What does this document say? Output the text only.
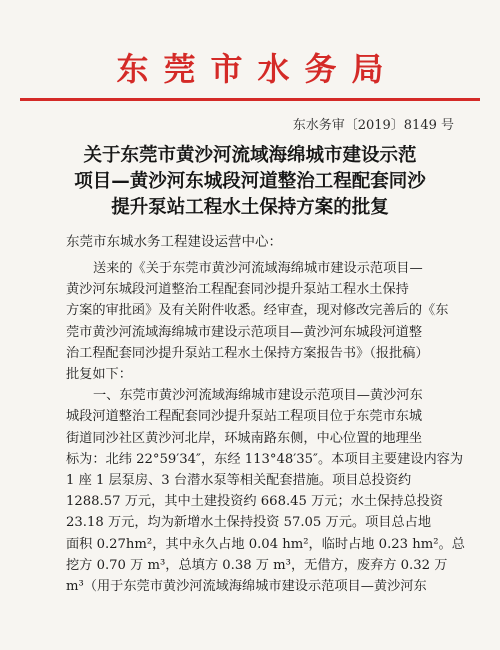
东莞市水务局
东水务审〔2019〕8149 号
关于东莞市黄沙河流域海绵城市建设示范
项目—黄沙河东城段河道整治工程配套同沙
提升泵站工程水土保持方案的批复
东莞市东城水务工程建设运营中心：
送来的《关于东莞市黄沙河流域海绵城市建设示范项目—
黄沙河东城段河道整治工程配套同沙提升泵站工程水土保持
方案的审批函》及有关附件收悉。经审查，现对修改完善后的《东
莞市黄沙河流域海绵城市建设示范项目—黄沙河东城段河道整
治工程配套同沙提升泵站工程水土保持方案报告书》（报批稿）
批复如下：
一、东莞市黄沙河流域海绵城市建设示范项目—黄沙河东
城段河道整治工程配套同沙提升泵站工程项目位于东莞市东城
街道同沙社区黄沙河北岸，环城南路东侧，中心位置的地理坐
标为：北纬 22°59′34″，东经 113°48′35″。本项目主要建设内容为
1 座 1 层泵房、3 台潜水泵等相关配套措施。项目总投资约
1288.57 万元，其中土建投资约 668.45 万元；水土保持总投资
23.18 万元，均为新增水土保持投资 57.05 万元。项目总占地
面积 0.27hm²，其中永久占地 0.04 hm²，临时占地 0.23 hm²。总
挖方 0.70 万 m³，总填方 0.38 万 m³，无借方，废弃方 0.32 万
m³（用于东莞市黄沙河流域海绵城市建设示范项目—黄沙河东
